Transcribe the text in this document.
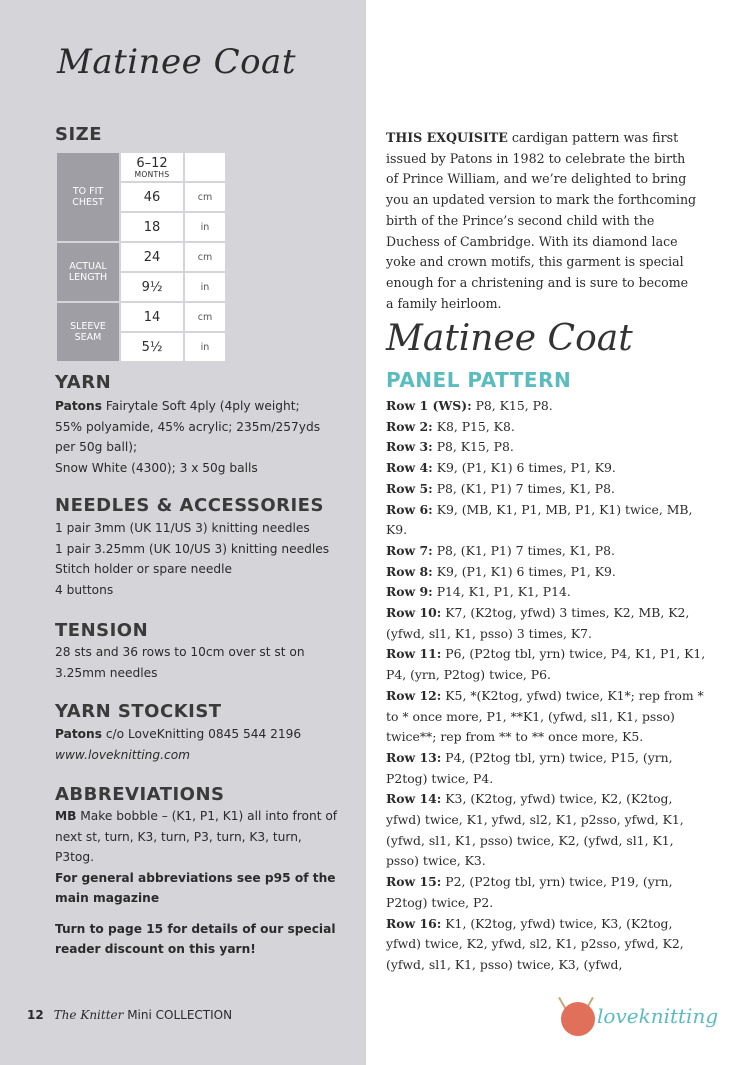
Matinee Coat
SIZE
TO FIT CHEST	6–12
MONTHS	

	46	cm
	18	in
ACTUAL LENGTH	24	cm
	9½	in
SLEEVE SEAM	14	cm
	5½	in
YARN

Patons Fairytale Soft 4ply (4ply weight;

55% polyamide, 45% acrylic; 235m/257yds

per 50g ball);

Snow White (4300); 3 x 50g balls

NEEDLES & ACCESSORIES

1 pair 3mm (UK 11/US 3) knitting needles

1 pair 3.25mm (UK 10/US 3) knitting needles

Stitch holder or spare needle

4 buttons

TENSION

28 sts and 36 rows to 10cm over st st on

3.25mm needles

YARN STOCKIST

Patons c/o LoveKnitting 0845 544 2196

www.loveknitting.com

ABBREVIATIONS

MB Make bobble – (K1, P1, K1) all into front of

next st, turn, K3, turn, P3, turn, K3, turn,

P3tog.

For general abbreviations see p95 of the

main magazine

Turn to page 15 for details of our special

reader discount on this yarn!

12 The Knitter Mini COLLECTION
THIS EXQUISITE cardigan pattern was first issued by Patons in 1982 to celebrate the birth of Prince William, and we’re delighted to bring you an updated version to mark the forthcoming birth of the Prince’s second child with the Duchess of Cambridge. With its diamond lace yoke and crown motifs, this garment is special enough for a christening and is sure to become a family heirloom.
Matinee Coat
PANEL PATTERN

Row 1 (WS): P8, K15, P8.

Row 2: K8, P15, K8.

Row 3: P8, K15, P8.

Row 4: K9, (P1, K1) 6 times, P1, K9.

Row 5: P8, (K1, P1) 7 times, K1, P8.

Row 6: K9, (MB, K1, P1, MB, P1, K1) twice, MB, K9.

Row 7: P8, (K1, P1) 7 times, K1, P8.

Row 8: K9, (P1, K1) 6 times, P1, K9.

Row 9: P14, K1, P1, K1, P14.

Row 10: K7, (K2tog, yfwd) 3 times, K2, MB, K2, (yfwd, sl1, K1, psso) 3 times, K7.

Row 11: P6, (P2tog tbl, yrn) twice, P4, K1, P1, K1, P4, (yrn, P2tog) twice, P6.

Row 12: K5, *(K2tog, yfwd) twice, K1*; rep from * to * once more, P1, **K1, (yfwd, sl1, K1, psso) twice**; rep from ** to ** once more, K5.

Row 13: P4, (P2tog tbl, yrn) twice, P15, (yrn, P2tog) twice, P4.

Row 14: K3, (K2tog, yfwd) twice, K2, (K2tog, yfwd) twice, K1, yfwd, sl2, K1, p2sso, yfwd, K1, (yfwd, sl1, K1, psso) twice, K2, (yfwd, sl1, K1, psso) twice, K3.

Row 15: P2, (P2tog tbl, yrn) twice, P19, (yrn, P2tog) twice, P2.

Row 16: K1, (K2tog, yfwd) twice, K3, (K2tog, yfwd) twice, K2, yfwd, sl2, K1, p2sso, yfwd, K2, (yfwd, sl1, K1, psso) twice, K3, (yfwd,

loveknitting
